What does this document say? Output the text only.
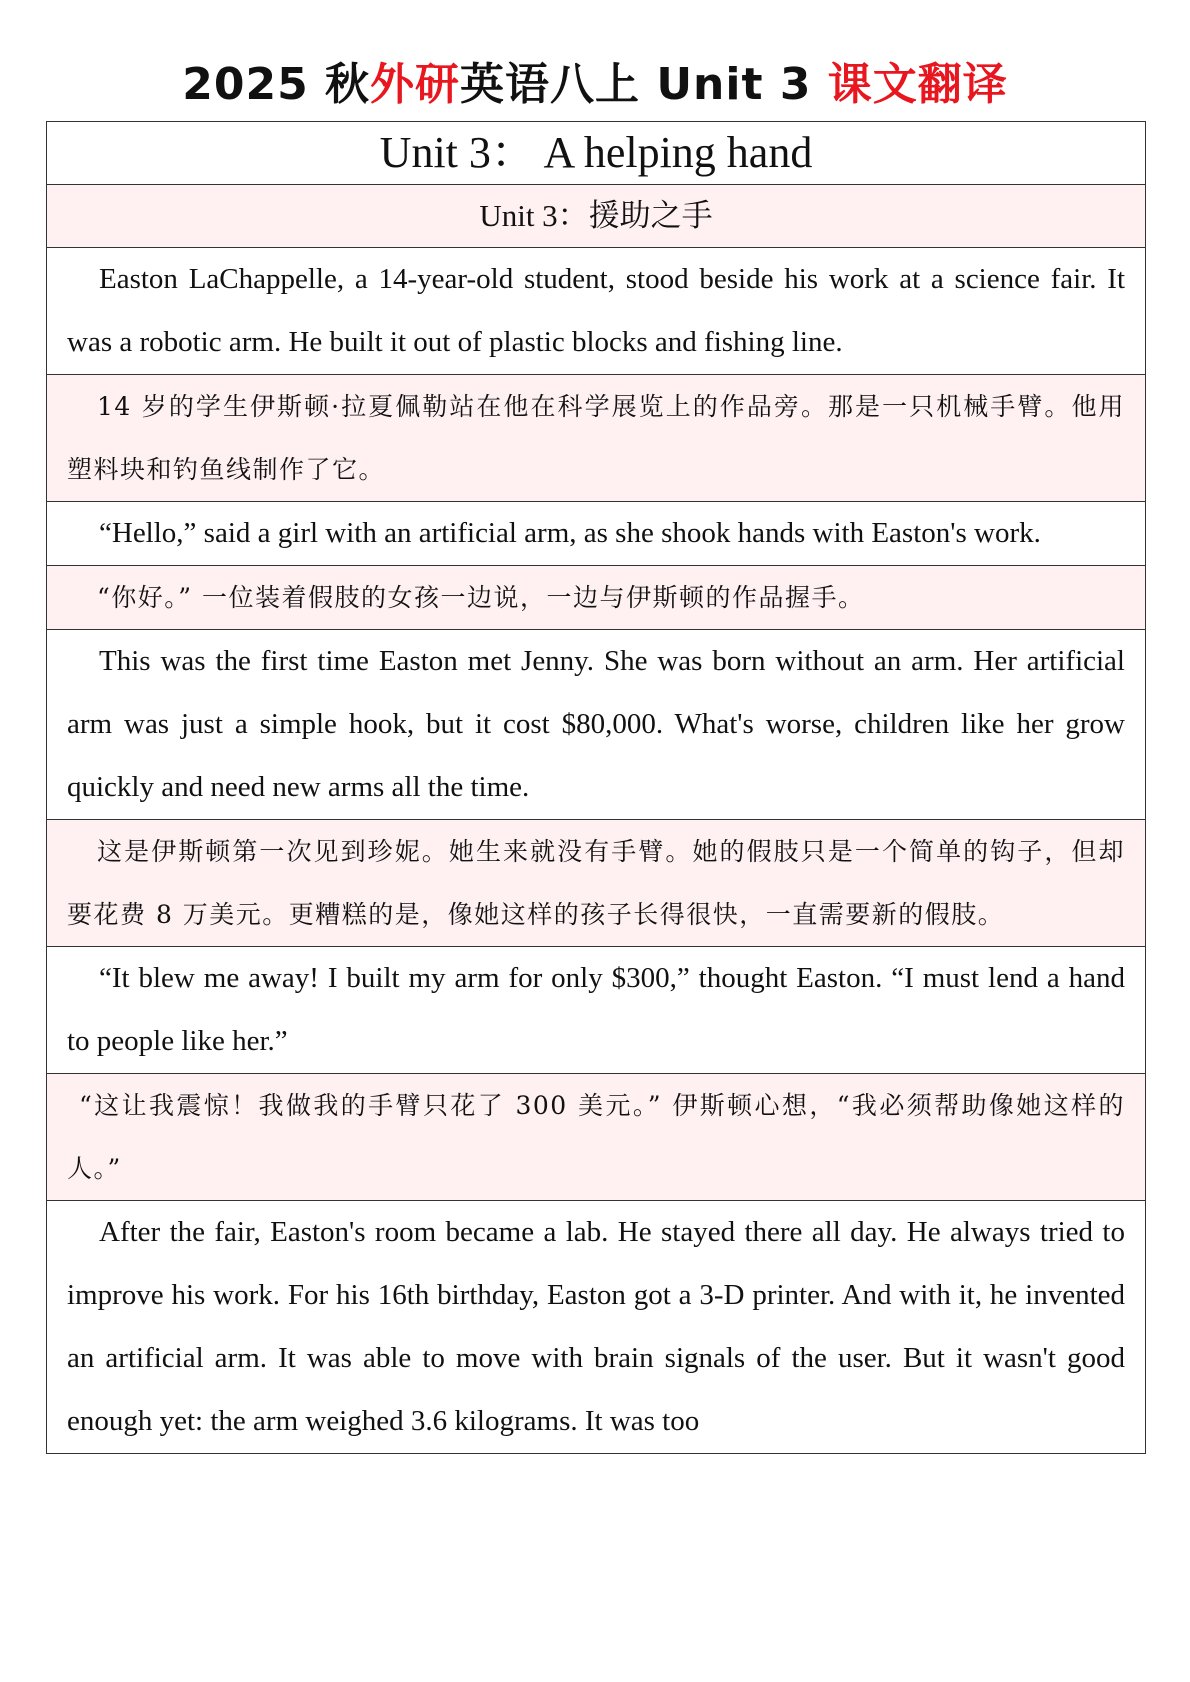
2025 秋外研英语八上 Unit 3 课文翻译
Unit 3： A helping hand
Unit 3：援助之手
Easton LaChappelle, a 14-year-old student, stood beside his work at a science fair. It was a robotic arm. He built it out of plastic blocks and fishing line.
14 岁的学生伊斯顿·拉夏佩勒站在他在科学展览上的作品旁。那是一只机械手臂。他用塑料块和钓鱼线制作了它。
“Hello,” said a girl with an artificial arm, as she shook hands with Easton's work.
“你好。” 一位装着假肢的女孩一边说，一边与伊斯顿的作品握手。
This was the first time Easton met Jenny. She was born without an arm. Her artificial arm was just a simple hook, but it cost $80,000. What's worse, children like her grow quickly and need new arms all the time.
这是伊斯顿第一次见到珍妮。她生来就没有手臂。她的假肢只是一个简单的钩子，但却要花费 8 万美元。更糟糕的是，像她这样的孩子长得很快，一直需要新的假肢。
“It blew me away! I built my arm for only $300,” thought Easton. “I must lend a hand to people like her.”
“这让我震惊！我做我的手臂只花了 300 美元。” 伊斯顿心想，“我必须帮助像她这样的人。”
After the fair, Easton's room became a lab. He stayed there all day. He always tried to improve his work. For his 16th birthday, Easton got a 3-D printer. And with it, he invented an artificial arm. It was able to move with brain signals of the user. But it wasn't good enough yet: the arm weighed 3.6 kilograms. It was too
